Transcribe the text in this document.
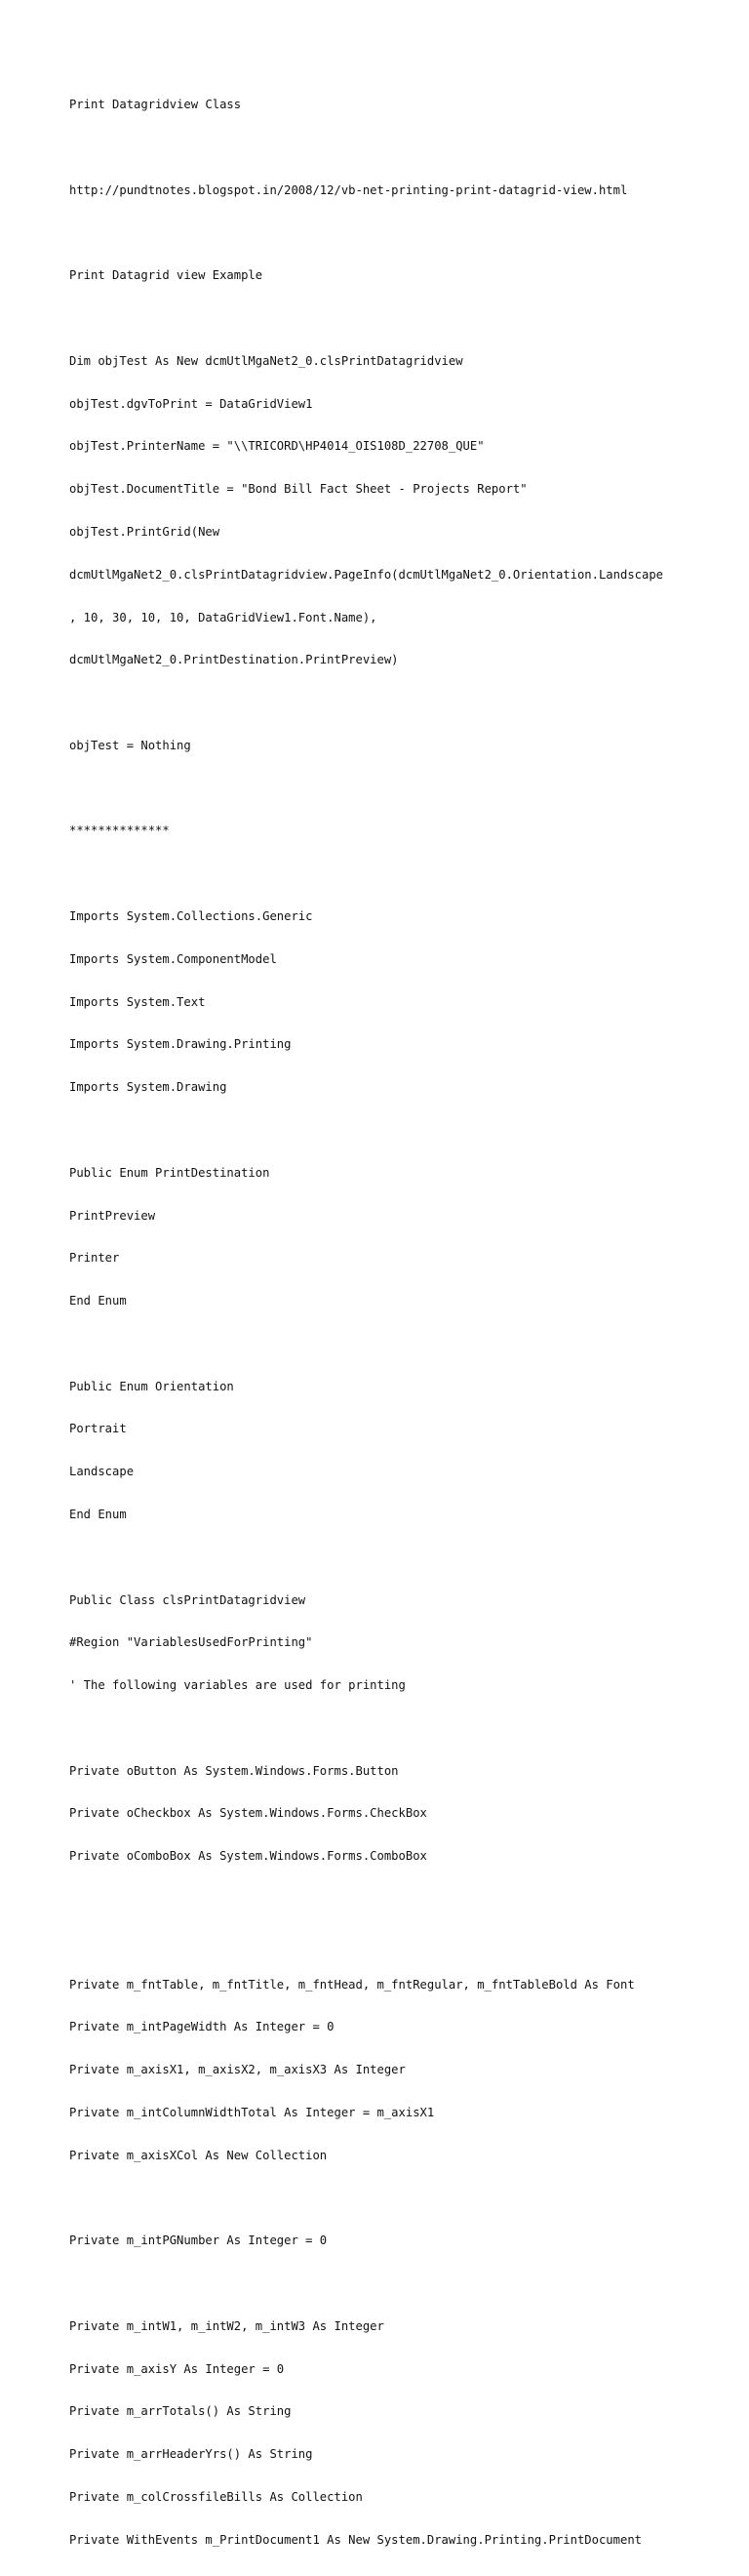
Print Datagridview Class

http://pundtnotes.blogspot.in/2008/12/vb-net-printing-print-datagrid-view.html

Print Datagrid view Example

Dim objTest As New dcmUtlMgaNet2_0.clsPrintDatagridview

objTest.dgvToPrint = DataGridView1

objTest.PrinterName = "\\TRICORD\HP4014_OIS108D_22708_QUE"

objTest.DocumentTitle = "Bond Bill Fact Sheet - Projects Report"

objTest.PrintGrid(New

dcmUtlMgaNet2_0.clsPrintDatagridview.PageInfo(dcmUtlMgaNet2_0.Orientation.Landscape

, 10, 30, 10, 10, DataGridView1.Font.Name),

dcmUtlMgaNet2_0.PrintDestination.PrintPreview)

objTest = Nothing

**************

Imports System.Collections.Generic

Imports System.ComponentModel

Imports System.Text

Imports System.Drawing.Printing

Imports System.Drawing

Public Enum PrintDestination

PrintPreview

Printer

End Enum

Public Enum Orientation

Portrait

Landscape

End Enum

Public Class clsPrintDatagridview

#Region "VariablesUsedForPrinting"

' The following variables are used for printing

Private oButton As System.Windows.Forms.Button

Private oCheckbox As System.Windows.Forms.CheckBox

Private oComboBox As System.Windows.Forms.ComboBox

Private m_fntTable, m_fntTitle, m_fntHead, m_fntRegular, m_fntTableBold As Font

Private m_intPageWidth As Integer = 0

Private m_axisX1, m_axisX2, m_axisX3 As Integer

Private m_intColumnWidthTotal As Integer = m_axisX1

Private m_axisXCol As New Collection

Private m_intPGNumber As Integer = 0

Private m_intW1, m_intW2, m_intW3 As Integer

Private m_axisY As Integer = 0

Private m_arrTotals() As String

Private m_arrHeaderYrs() As String

Private m_colCrossfileBills As Collection

Private WithEvents m_PrintDocument1 As New System.Drawing.Printing.PrintDocument
